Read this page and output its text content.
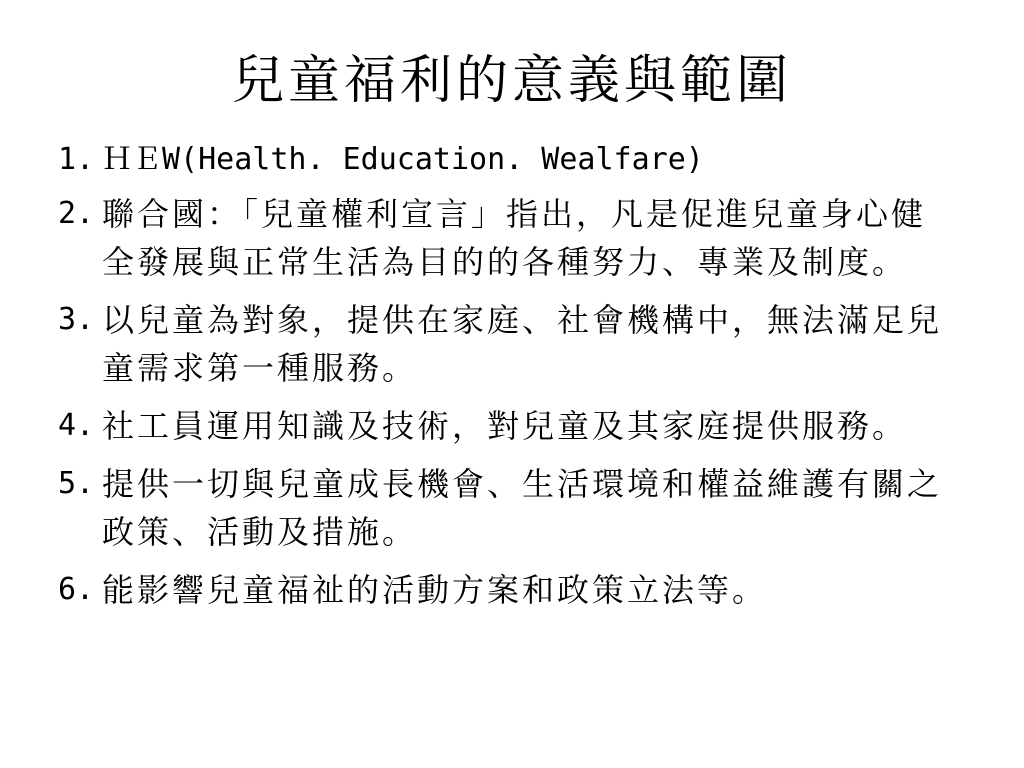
兒童福利的意義與範圍
1. ＨＥW(Health. Education. Wealfare)
2. 聯合國：「兒童權利宣言」指出，凡是促進兒童身心健全發展與正常生活為目的的各種努力、專業及制度。
3. 以兒童為對象，提供在家庭、社會機構中，無法滿足兒童需求第一種服務。
4. 社工員運用知識及技術，對兒童及其家庭提供服務。
5. 提供一切與兒童成長機會、生活環境和權益維護有關之政策、活動及措施。
6. 能影響兒童福祉的活動方案和政策立法等。
